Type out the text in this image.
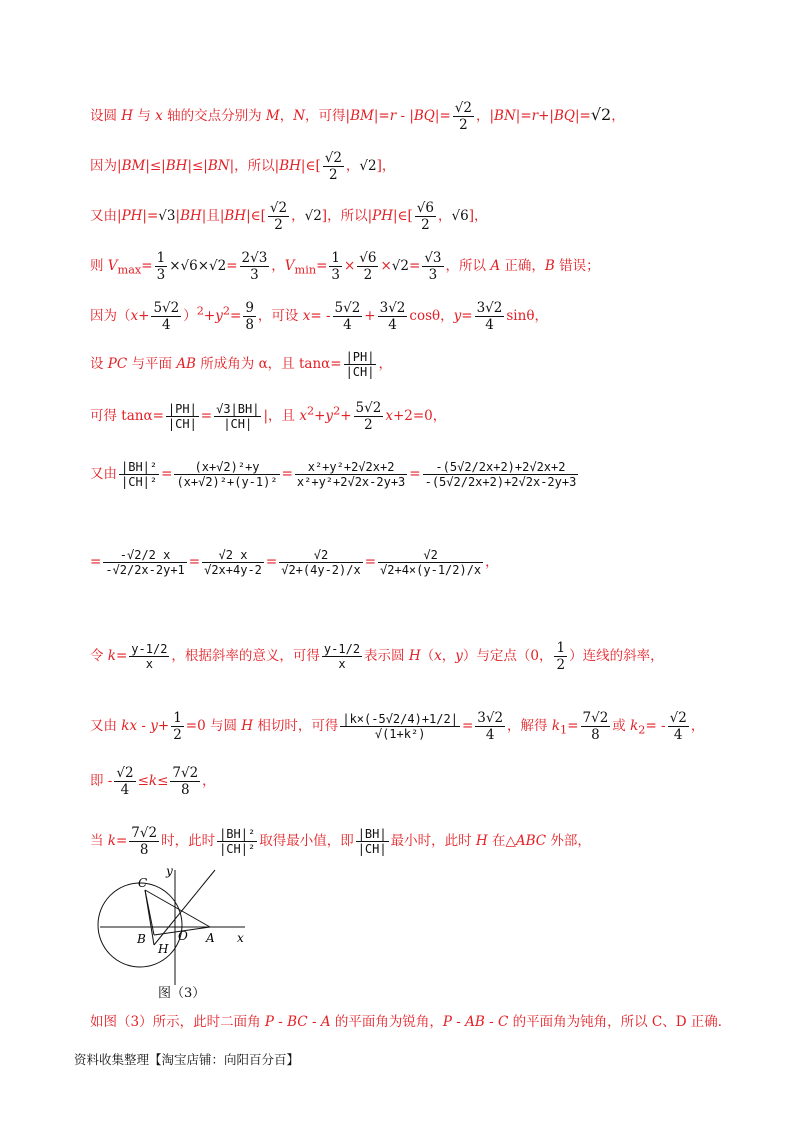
设圆 H 与 x 轴的交点分别为 M，N，可得$|BM|=r - |BQ|= \frac{√2}{2}$ ，|BN|=r+|BQ|=√2，
因为|BM|≤|BH|≤|BN|，所以|BH|∈[ $\frac{√2}{2}$ ，√2]，
又由|PH|=√3|BH|且|BH|∈[ $\frac{√2}{2}$ ，√2]，所以|PH|∈[ $\frac{√6}{2}$ ，√6]，
则 $V_{max}= \frac{1}{3} \times√6\times√2= \frac{2√3}{3}$ ，$V_{min}= \frac{1}{3} \times \frac{√6}{2} \times√2= \frac{√3}{3}$ ，所以 A 正确，B 错误；
因为$(x+ \frac{5√2}{4} )^2+y^2= \frac{9}{8}$ ，可设 $x= - \frac{5√2}{4} + \frac{3√2}{4}$ cosθ，$y= \frac{3√2}{4}$ sinθ，
设 PC 与平面 AB 所成角为 α，且 $\tan\alpha= \frac{|PH|}{|CH|}$ ，
可得 $\tan\alpha= \frac{|PH|}{|CH|} = \frac{√3|BH|}{|CH|}$ |，且 $x^2+y^2+ \frac{5√2}{2} x+2=0$，
又由 $\frac{\text{|BH|²}}{\text{|CH|²}} = \frac{\text{(x+√2)²+y}}{\text{(x+√2)²+(y-1)²}} = \frac{\text{x²+y²+2√2x+2}}{\text{x²+y²+2√2x-2y+3}} = \frac{-(5√2/2x+2)+2√2x+2}{-(5√2/2x+2)+2√2x-2y+3}$
= $\frac{-√2/2 x}{-√2/2x-2y+1} = \frac{√2 x}{√2x+4y-2} = \frac{√2}{√2+(4y-2)/x} = \frac{√2}{√2+4\times(y-1/2)/x}$ ，
令 $k= \frac{y-1/2}{x}$ ，根据斜率的意义，可得 $\frac{y-1/2}{x}$ 表示圆 H（x，y）与定点（0， $\frac{1}{2}$ ）连线的斜率，
又由 kx - $y+ \frac{1}{2} =0$ 与圆 H 相切时，可得 $\frac{|k\times(-5√2/4)+1/2|}{\text{√(1+k²)}} = \frac{3√2}{4}$ ，解得 $k_1= \frac{7√2}{8}$ 或 $k_2= - \frac{√2}{4}$ ，
即 - $\frac{√2}{4} \le k\le \frac{7√2}{8}$ ，
当 $k= \frac{7√2}{8}$ 时，此时 $\frac{\text{|BH|²}}{\text{|CH|²}}$ 取得最小值，即 $\frac{|BH|}{|CH|}$ 最小时，此时 H 在△ABC 外部，
C
B
H
O A x
y
图（3）
如图（3）所示，此时二面角 P - BC - A 的平面角为锐角，P - AB - C 的平面角为钝角，所以 C、D 正确．
资料收集整理【淘宝店铺：向阳百分百】
